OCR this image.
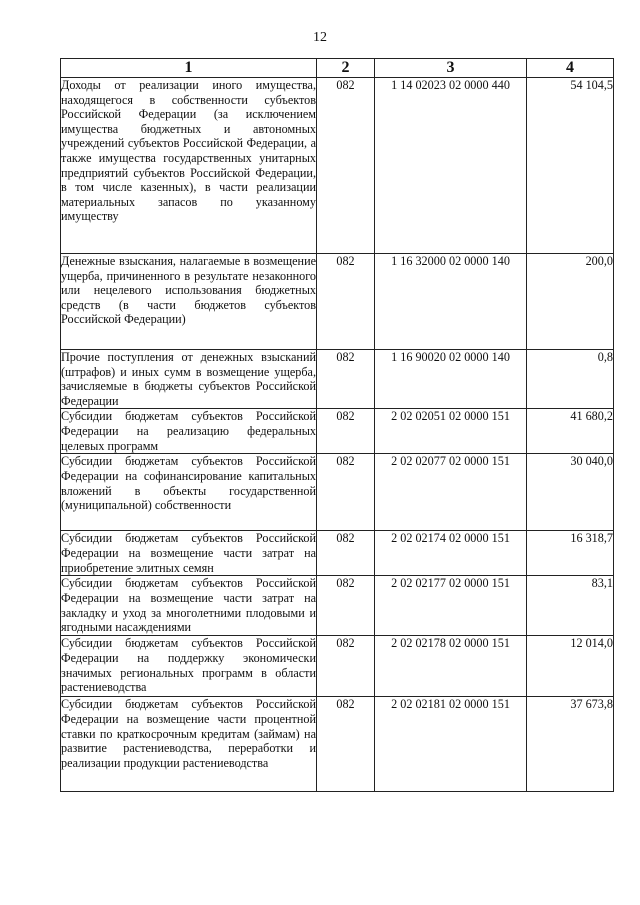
12
1	2	3	4
Доходы от реализации иного имущества, находящегося в собственности субъектов Российской Федерации (за исключением имущества бюджетных и автономных учреждений субъектов Российской Федерации, а также имущества государственных унитарных предприятий субъектов Российской Федерации, в том числе казенных), в части реализации материальных запасов по указанному имуществу	082	1 14 02023 02 0000 440	54 104,5
Денежные взыскания, налагаемые в возмещение ущерба, причиненного в результате незаконного или нецелевого использования бюджетных средств (в части бюджетов субъектов Российской Федерации)	082	1 16 32000 02 0000 140	200,0
Прочие поступления от денежных взысканий (штрафов) и иных сумм в возмещение ущерба, зачисляемые в бюджеты субъектов Российской Федерации	082	1 16 90020 02 0000 140	0,8
Субсидии бюджетам субъектов Российской Федерации на реализацию федеральных целевых программ	082	2 02 02051 02 0000 151	41 680,2
Субсидии бюджетам субъектов Российской Федерации на софинансирование капитальных вложений в объекты государственной (муниципальной) собственности	082	2 02 02077 02 0000 151	30 040,0
Субсидии бюджетам субъектов Российской Федерации на возмещение части затрат на приобретение элитных семян	082	2 02 02174 02 0000 151	16 318,7
Субсидии бюджетам субъектов Российской Федерации на возмещение части затрат на закладку и уход за многолетними плодовыми и ягодными насаждениями	082	2 02 02177 02 0000 151	83,1
Субсидии бюджетам субъектов Российской Федерации на поддержку экономически значимых региональных программ в области растениеводства	082	2 02 02178 02 0000 151	12 014,0
Субсидии бюджетам субъектов Российской Федерации на возмещение части процентной ставки по краткосрочным кредитам (займам) на развитие растениеводства, переработки и реализации продукции растениеводства	082	2 02 02181 02 0000 151	37 673,8
